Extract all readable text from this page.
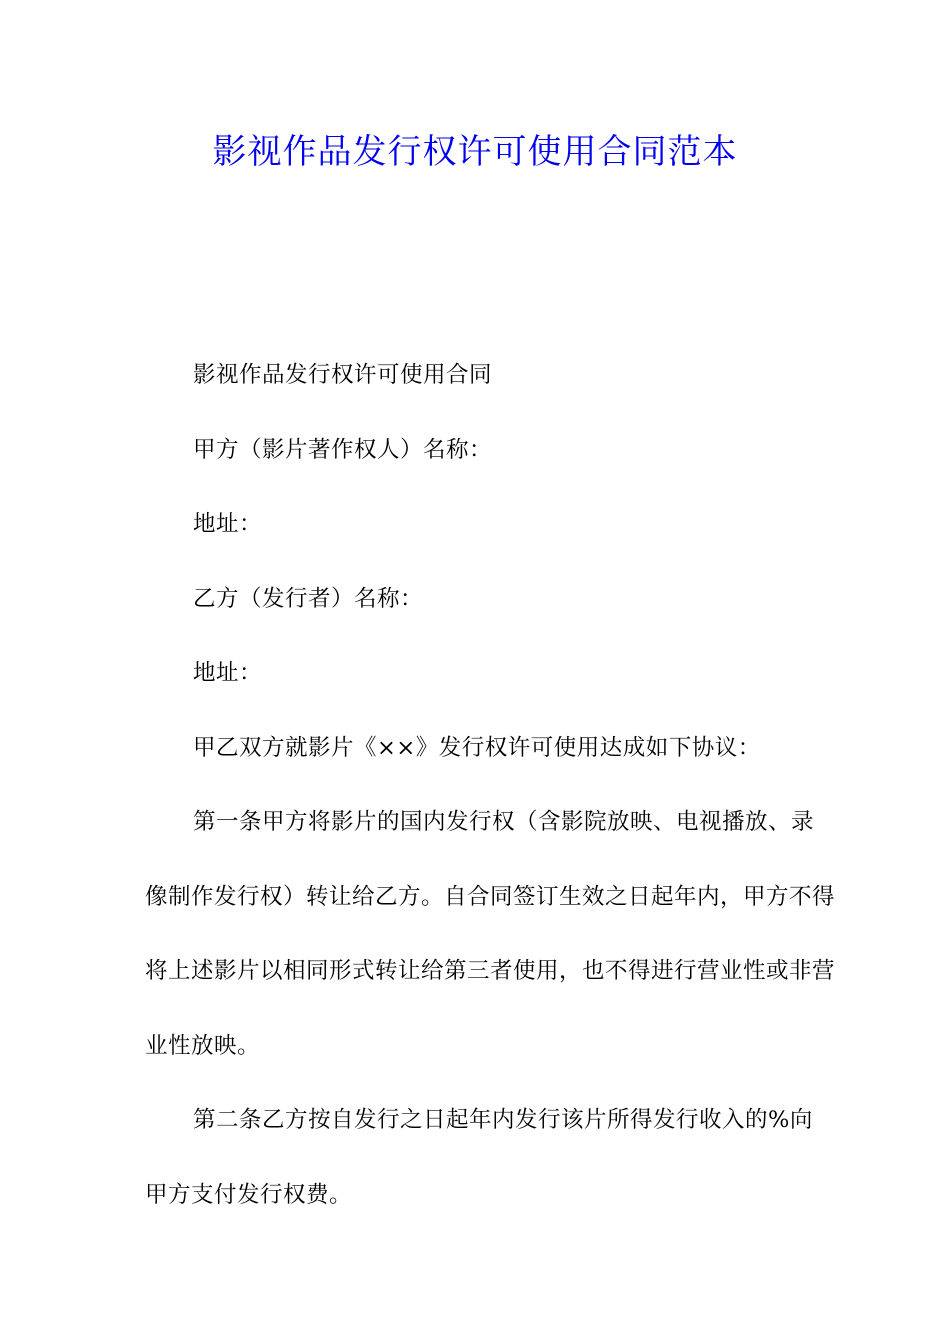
影视作品发行权许可使用合同范本

影视作品发行权许可使用合同

甲方（影片著作权人）名称：

地址：

乙方（发行者）名称：

地址：

甲乙双方就影片《××》发行权许可使用达成如下协议：

第一条甲方将影片的国内发行权（含影院放映、电视播放、录像制作发行权）转让给乙方。自合同签订生效之日起年内，甲方不得将上述影片以相同形式转让给第三者使用，也不得进行营业性或非营业性放映。

第二条乙方按自发行之日起年内发行该片所得发行收入的%向甲方支付发行权费。
